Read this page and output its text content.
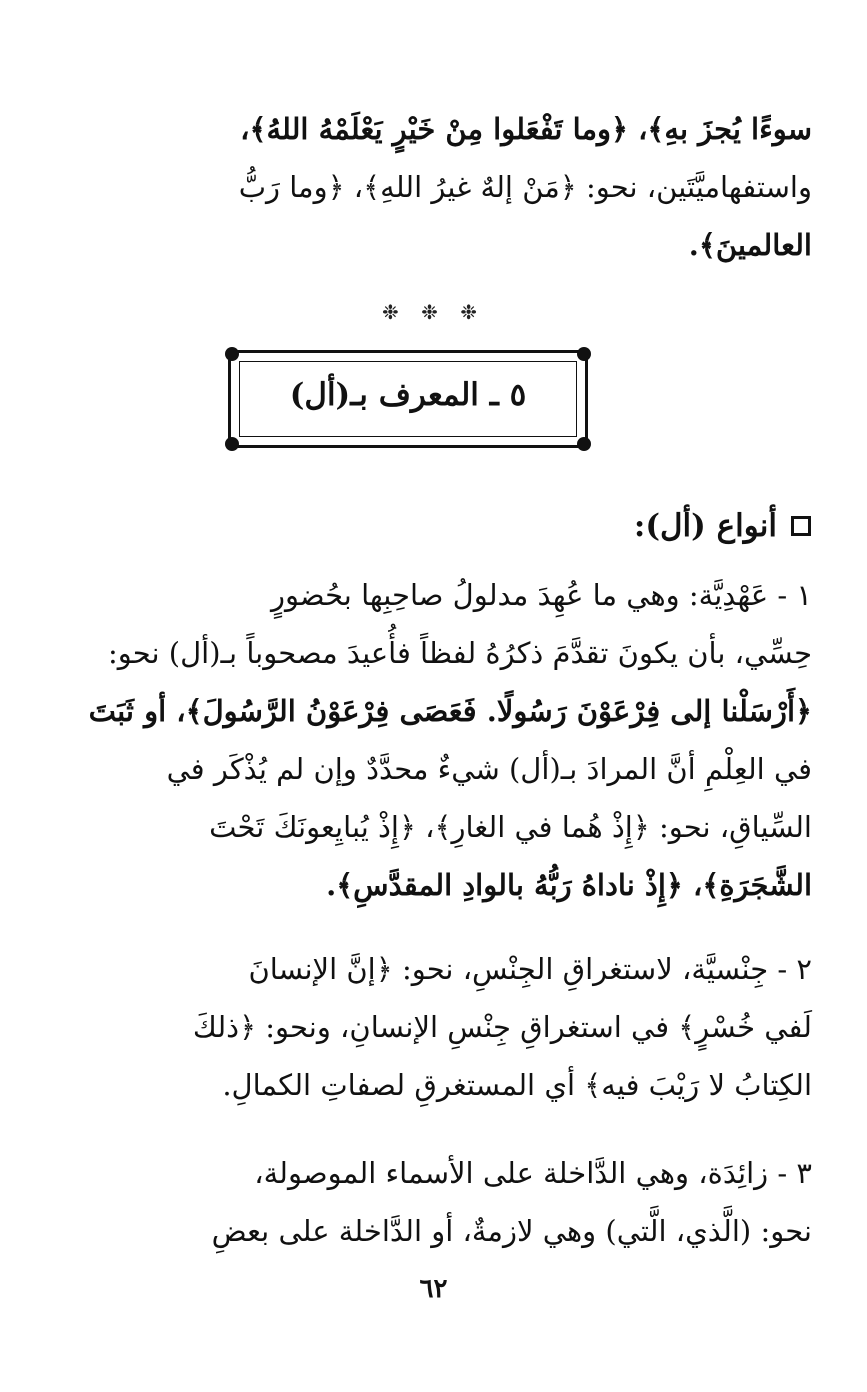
سوءًا يُجزَ بهِ﴾، ﴿وما تَفْعَلوا مِنْ خَيْرٍ يَعْلَمْهُ اللهُ﴾،
واستفهاميَّتَين، نحو: ﴿مَنْ إلهٌ غيرُ اللهِ﴾، ﴿وما رَبُّ
العالمينَ﴾.
❉ ❉ ❉
٥ ـ المعرف بـ(أل)
أنواع (أل):
١ - عَهْدِيَّة: وهي ما عُهِدَ مدلولُ صاحِبِها بحُضورٍ
حِسِّي، بأن يكونَ تقدَّمَ ذكرُهُ لفظاً فأُعيدَ مصحوباً بـ(أل) نحو:
﴿أَرْسَلْنا إلى فِرْعَوْنَ رَسُولًا. فَعَصَى فِرْعَوْنُ الرَّسُولَ﴾، أو ثَبَتَ
في العِلْمِ أنَّ المرادَ بـ(أل) شيءٌ محدَّدٌ وإن لم يُذْكَر في
السِّياقِ، نحو: ﴿إِذْ هُما في الغارِ﴾، ﴿إِذْ يُبايِعونَكَ تَحْتَ
الشَّجَرَةِ﴾، ﴿إِذْ ناداهُ رَبُّهُ بالوادِ المقدَّسِ﴾.
٢ - جِنْسيَّة، لاستغراقِ الجِنْسِ، نحو: ﴿إنَّ الإنسانَ
لَفي خُسْرٍ﴾ في استغراقِ جِنْسِ الإنسانِ، ونحو: ﴿ذلكَ
الكِتابُ لا رَيْبَ فيه﴾ أي المستغرقِ لصفاتِ الكمالِ.
٣ - زائِدَة، وهي الدَّاخلة على الأسماء الموصولة،
نحو: (الَّذي، الَّتي) وهي لازمةٌ، أو الدَّاخلة على بعضِ
٦٢
